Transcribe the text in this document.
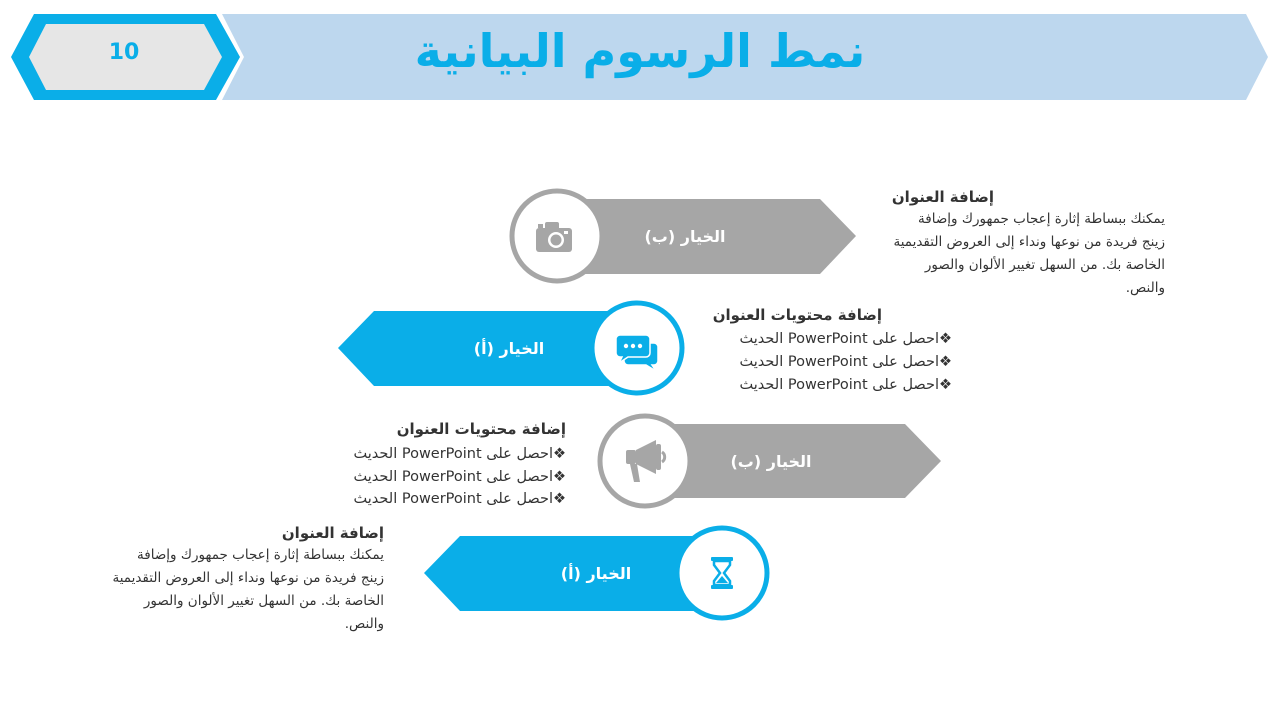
نمط الرسوم البيانية
10
الخيار (ب)
الخيار (أ)
الخيار (ب)
الخيار (أ)
إضافة العنوان
يمكنك ببساطة إثارة إعجاب جمهورك وإضافة زينج فريدة من نوعها ونداء إلى العروض التقديمية الخاصة بك. من السهل تغيير الألوان والصور والنص.
إضافة محتويات العنوان
❖احصل على PowerPoint الحديث
❖احصل على PowerPoint الحديث
❖احصل على PowerPoint الحديث
إضافة محتويات العنوان
❖احصل على PowerPoint الحديث
❖احصل على PowerPoint الحديث
❖احصل على PowerPoint الحديث
إضافة العنوان
يمكنك ببساطة إثارة إعجاب جمهورك وإضافة زينج فريدة من نوعها ونداء إلى العروض التقديمية الخاصة بك. من السهل تغيير الألوان والصور والنص.
